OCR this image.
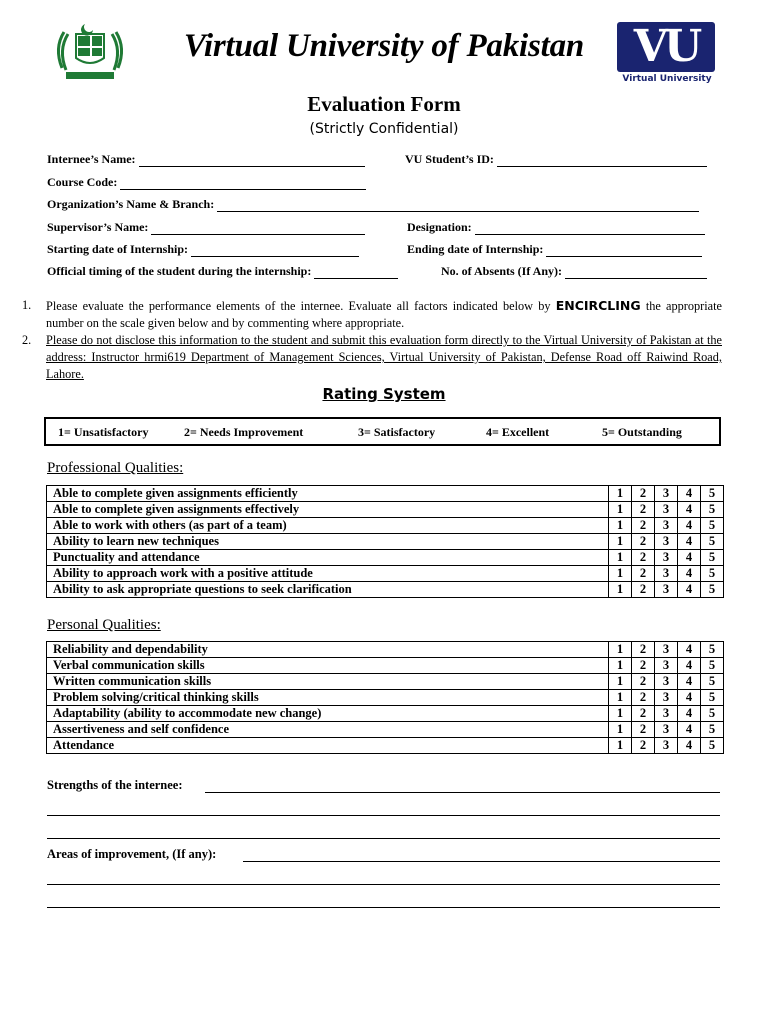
Virtual University of Pakistan	VU
Virtual University
Evaluation Form
(Strictly Confidential)
Internee’s Name:	VU Student’s ID:
Course Code:
Organization’s Name & Branch:
Supervisor’s Name:	Designation:
Starting date of Internship:	Ending date of Internship:
Official timing of the student during the internship:	No. of Absents (If Any):
1. Please evaluate the performance elements of the internee. Evaluate all factors indicated below by ENCIRCLING the appropriate number on the scale given below and by commenting where appropriate.
2. Please do not disclose this information to the student and submit this evaluation form directly to the Virtual University of Pakistan at the address: Instructor hrmi619 Department of Management Sciences, Virtual University of Pakistan, Defense Road off Raiwind Road, Lahore.
Rating System
1= Unsatisfactory	2= Needs Improvement	3= Satisfactory	4= Excellent	5= Outstanding
Professional Qualities:
Able to complete given assignments efficiently	1	2	3	4	5
Able to complete given assignments effectively	1	2	3	4	5
Able to work with others (as part of a team)	1	2	3	4	5
Ability to learn new techniques	1	2	3	4	5
Punctuality and attendance	1	2	3	4	5
Ability to approach work with a positive attitude	1	2	3	4	5
Ability to ask appropriate questions to seek clarification	1	2	3	4	5
Personal Qualities:
Reliability and dependability	1	2	3	4	5
Verbal communication skills	1	2	3	4	5
Written communication skills	1	2	3	4	5
Problem solving/critical thinking skills	1	2	3	4	5
Adaptability (ability to accommodate new change)	1	2	3	4	5
Assertiveness and self confidence	1	2	3	4	5
Attendance	1	2	3	4	5
Strengths of the internee:
Areas of improvement, (If any):
